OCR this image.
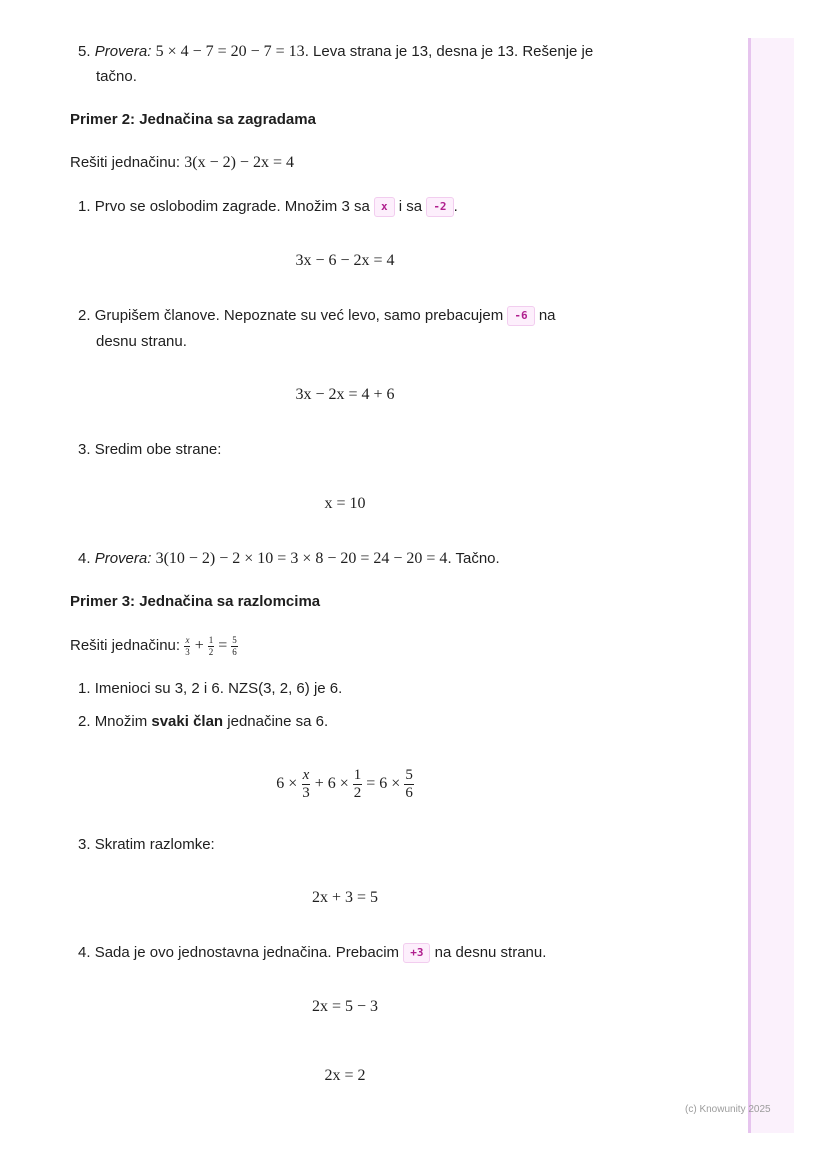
5. Provera: 5 × 4 − 7 = 20 − 7 = 13. Leva strana je 13, desna je 13. Rešenje je
tačno.
Primer 2: Jednačina sa zagradama
Rešiti jednačinu: 3(x − 2) − 2x = 4
1. Prvo se oslobodim zagrade. Množim 3 sa x i sa -2 .
3x − 6 − 2x = 4
2. Grupišem članove. Nepoznate su već levo, samo prebacujem -6 na
desnu stranu.
3x − 2x = 4 + 6
3. Sredim obe strane:
x = 10
4. Provera: 3(10 − 2) − 2 × 10 = 3 × 8 − 20 = 24 − 20 = 4. Tačno.
Primer 3: Jednačina sa razlomcima
Rešiti jednačinu: $\frac{x}{3} + \frac{1}{2} = \frac{5}{6}$
1. Imenioci su 3, 2 i 6. NZS(3, 2, 6) je 6.
2. Množim svaki član jednačine sa 6.
$6 \times \frac{x}{3} + 6 \times \frac{1}{2} = 6 \times \frac{5}{6}$
3. Skratim razlomke:
2x + 3 = 5
4. Sada je ovo jednostavna jednačina. Prebacim +3 na desnu stranu.
2x = 5 − 3
2x = 2
(c) Knowunity 2025
